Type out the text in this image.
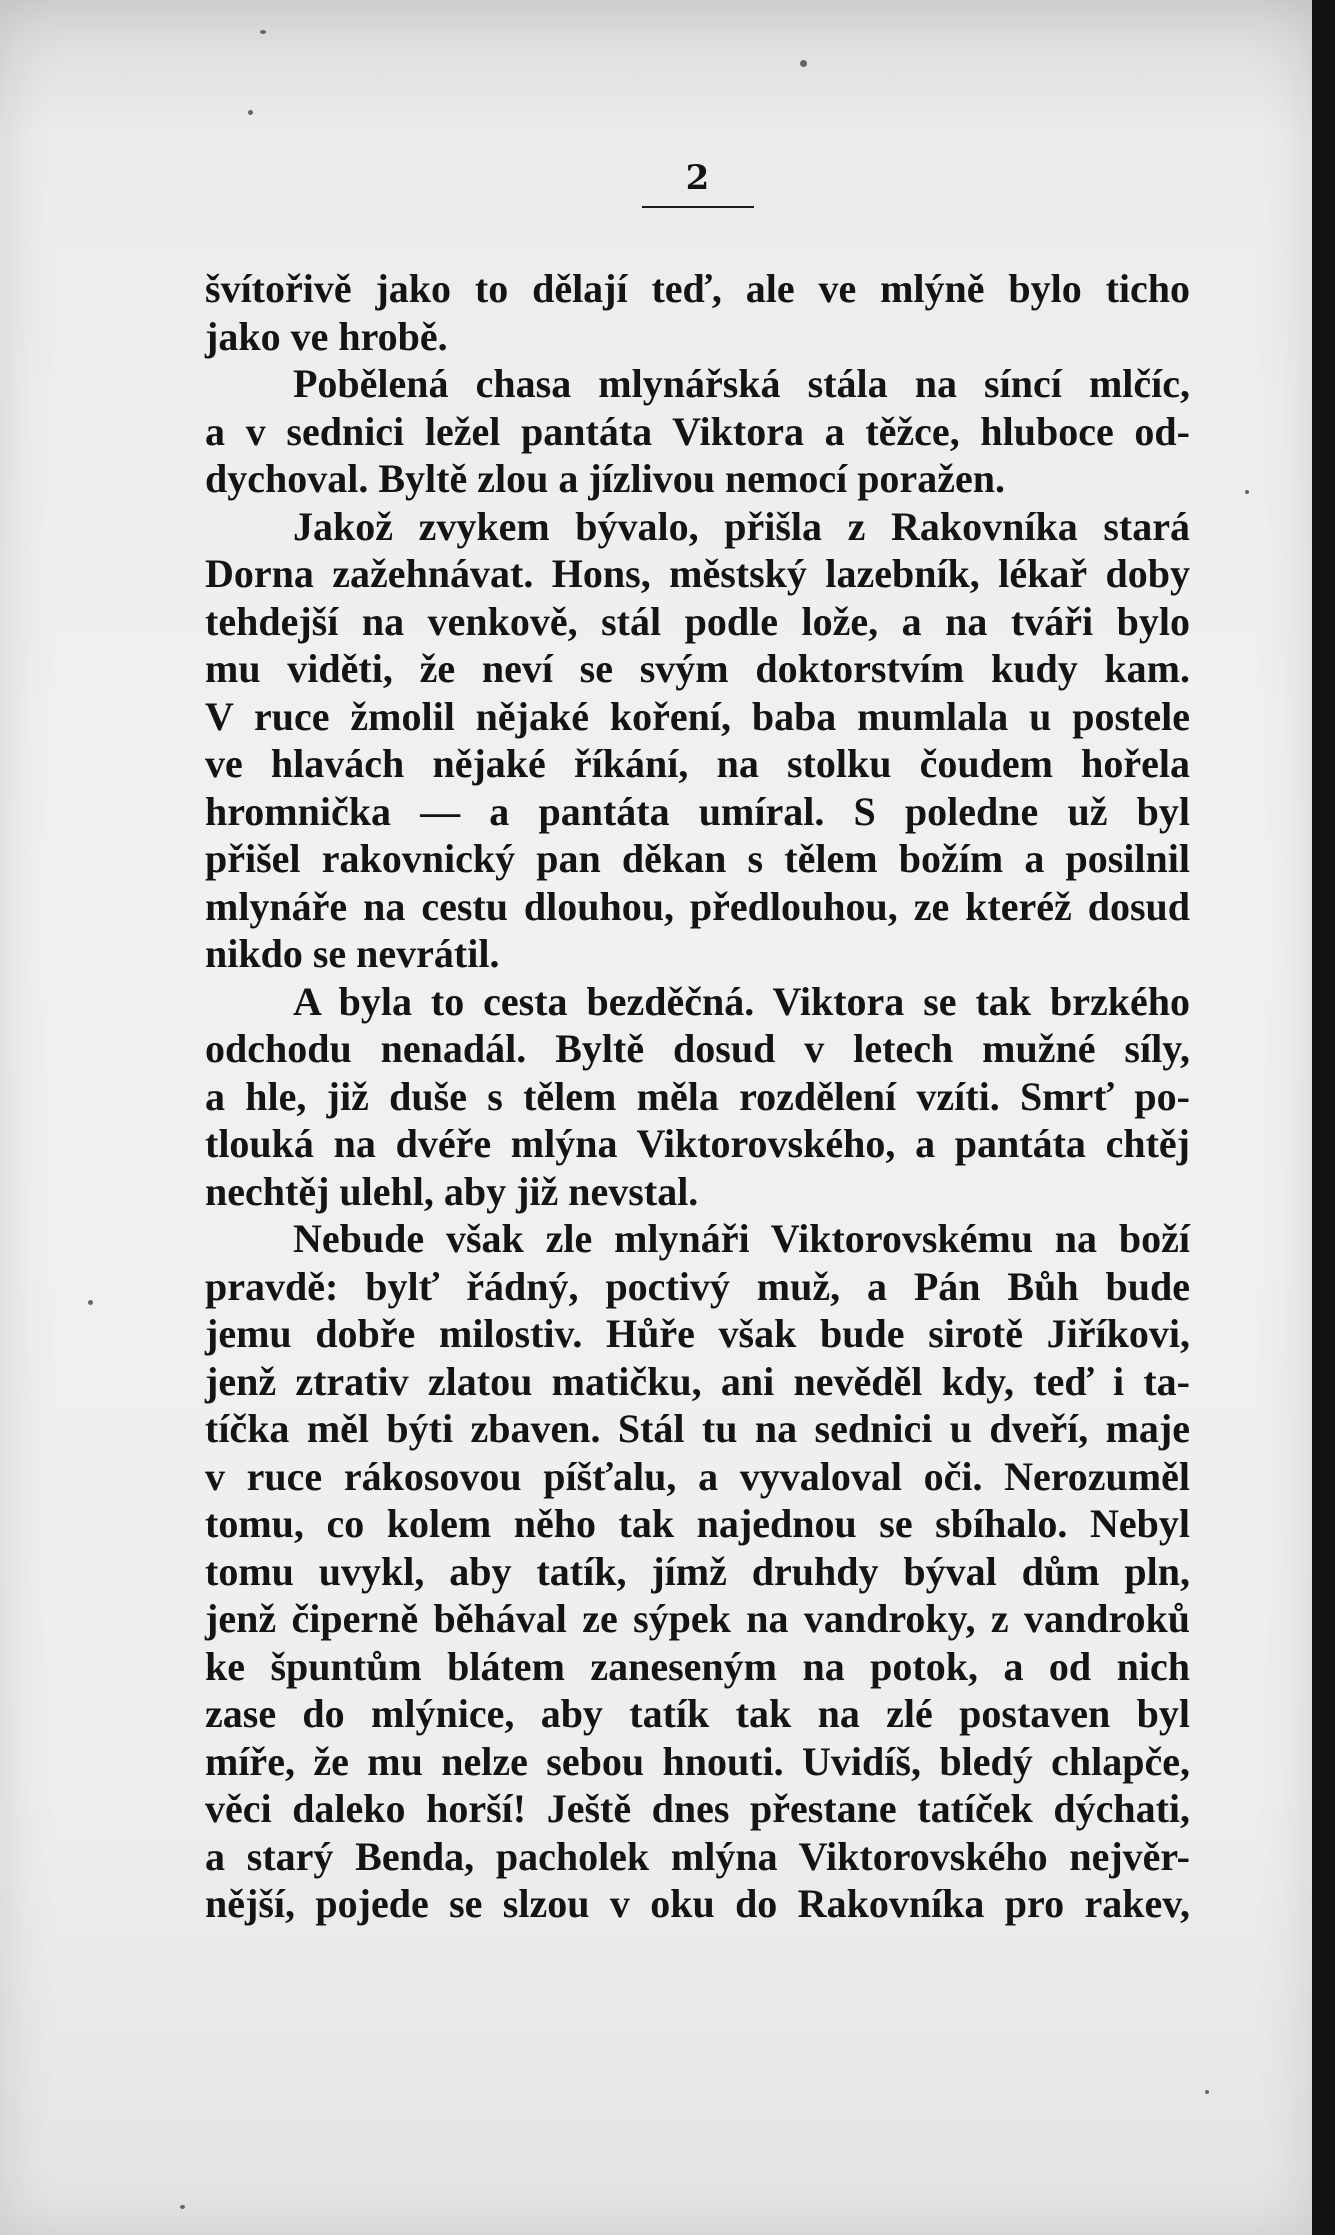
2
švítořivě jako to dělají teď, ale ve mlýně bylo ticho
jako ve hrobě.
Pobělená chasa mlynářská stála na síncí mlčíc,
a v sednici ležel pantáta Viktora a těžce, hluboce od-
dychoval. Byltě zlou a jízlivou nemocí poražen.
Jakož zvykem bývalo, přišla z Rakovníka stará
Dorna zažehnávat. Hons, městský lazebník, lékař doby
tehdejší na venkově, stál podle lože, a na tváři bylo
mu viděti, že neví se svým doktorstvím kudy kam.
V ruce žmolil nějaké koření, baba mumlala u postele
ve hlavách nějaké říkání, na stolku čoudem hořela
hromnička — a pantáta umíral. S poledne už byl
přišel rakovnický pan děkan s tělem božím a posilnil
mlynáře na cestu dlouhou, předlouhou, ze kteréž dosud
nikdo se nevrátil.
A byla to cesta bezděčná. Viktora se tak brzkého
odchodu nenadál. Byltě dosud v letech mužné síly,
a hle, již duše s tělem měla rozdělení vzíti. Smrť po-
tlouká na dvéře mlýna Viktorovského, a pantáta chtěj
nechtěj ulehl, aby již nevstal.
Nebude však zle mlynáři Viktorovskému na boží
pravdě: bylť řádný, poctivý muž, a Pán Bůh bude
jemu dobře milostiv. Hůře však bude sirotě Jiříkovi,
jenž ztrativ zlatou matičku, ani nevěděl kdy, teď i ta-
tíčka měl býti zbaven. Stál tu na sednici u dveří, maje
v ruce rákosovou píšťalu, a vyvaloval oči. Nerozuměl
tomu, co kolem něho tak najednou se sbíhalo. Nebyl
tomu uvykl, aby tatík, jímž druhdy býval dům pln,
jenž čiperně běhával ze sýpek na vandroky, z vandroků
ke špuntům blátem zaneseným na potok, a od nich
zase do mlýnice, aby tatík tak na zlé postaven byl
míře, že mu nelze sebou hnouti. Uvidíš, bledý chlapče,
věci daleko horší! Ještě dnes přestane tatíček dýchati,
a starý Benda, pacholek mlýna Viktorovského nejvěr-
nější, pojede se slzou v oku do Rakovníka pro rakev,
